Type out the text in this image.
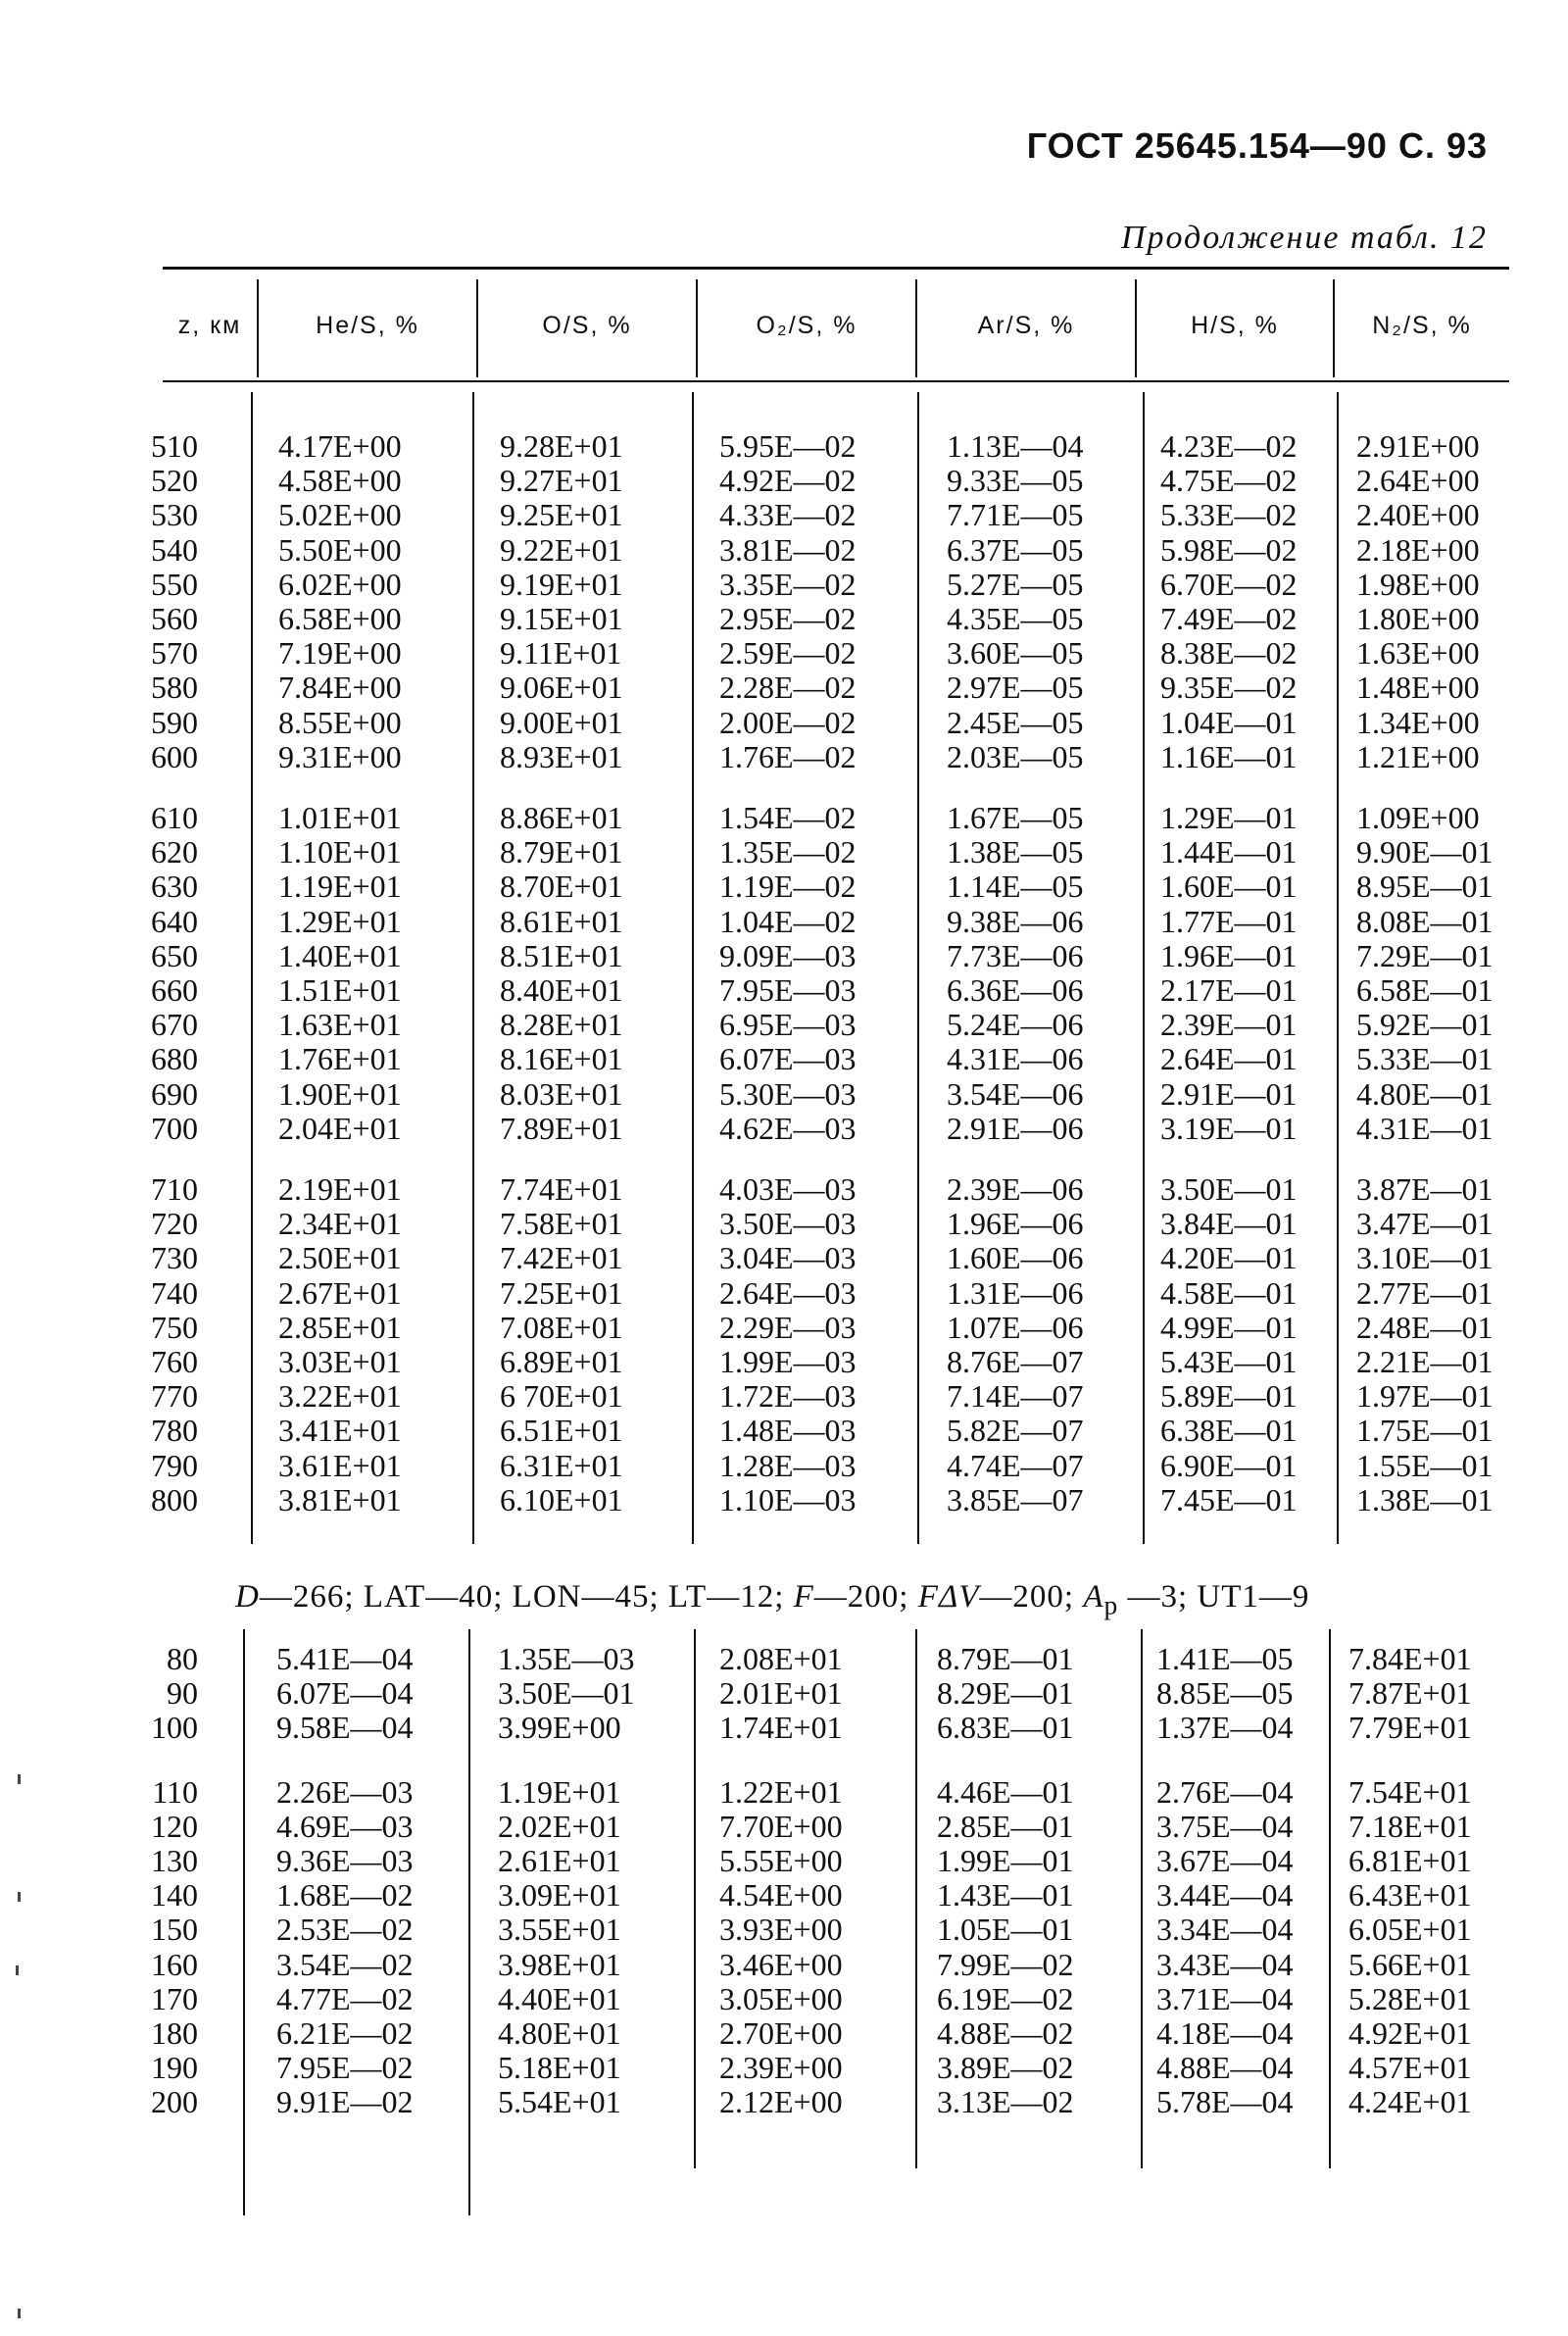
ГОСТ 25645.154—90 С. 93
Продолжение табл. 12
z, км	He/S, %	O/S, %	O₂/S, %	Ar/S, %	H/S, %	N₂/S, %
510	4.17E+00	9.28E+01	5.95E—02	1.13E—04 4.23E—02 2.91E+00
520	4.58E+00	9.27E+01	4.92E—02	9.33E—05 4.75E—02 2.64E+00
530	5.02E+00	9.25E+01	4.33E—02	7.71E—05 5.33E—02 2.40E+00
540	5.50E+00	9.22E+01	3.81E—02	6.37E—05 5.98E—02 2.18E+00
550	6.02E+00	9.19E+01	3.35E—02	5.27E—05 6.70E—02 1.98E+00
560	6.58E+00	9.15E+01	2.95E—02	4.35E—05 7.49E—02 1.80E+00
570	7.19E+00	9.11E+01	2.59E—02	3.60E—05 8.38E—02 1.63E+00
580	7.84E+00	9.06E+01	2.28E—02	2.97E—05 9.35E—02 1.48E+00
590	8.55E+00	9.00E+01	2.00E—02	2.45E—05 1.04E—01 1.34E+00
600	9.31E+00	8.93E+01	1.76E—02	2.03E—05 1.16E—01 1.21E+00
610	1.01E+01	8.86E+01	1.54E—02	1.67E—05 1.29E—01 1.09E+00
620	1.10E+01	8.79E+01	1.35E—02	1.38E—05 1.44E—01 9.90E—01
630	1.19E+01	8.70E+01	1.19E—02	1.14E—05 1.60E—01 8.95E—01
640	1.29E+01	8.61E+01	1.04E—02	9.38E—06 1.77E—01 8.08E—01
650	1.40E+01	8.51E+01	9.09E—03	7.73E—06 1.96E—01 7.29E—01
660	1.51E+01	8.40E+01	7.95E—03	6.36E—06 2.17E—01 6.58E—01
670	1.63E+01	8.28E+01	6.95E—03	5.24E—06 2.39E—01 5.92E—01
680	1.76E+01	8.16E+01	6.07E—03	4.31E—06 2.64E—01 5.33E—01
690	1.90E+01	8.03E+01	5.30E—03	3.54E—06 2.91E—01 4.80E—01
700	2.04E+01	7.89E+01	4.62E—03	2.91E—06 3.19E—01 4.31E—01
710	2.19E+01	7.74E+01	4.03E—03	2.39E—06 3.50E—01 3.87E—01
720	2.34E+01	7.58E+01	3.50E—03	1.96E—06 3.84E—01 3.47E—01
730	2.50E+01	7.42E+01	3.04E—03	1.60E—06 4.20E—01 3.10E—01
740	2.67E+01	7.25E+01	2.64E—03	1.31E—06 4.58E—01 2.77E—01
750	2.85E+01	7.08E+01	2.29E—03	1.07E—06 4.99E—01 2.48E—01
760	3.03E+01	6.89E+01	1.99E—03	8.76E—07 5.43E—01 2.21E—01
770	3.22E+01	6 70E+01	1.72E—03	7.14E—07 5.89E—01 1.97E—01
780	3.41E+01	6.51E+01	1.48E—03	5.82E—07 6.38E—01 1.75E—01
790	3.61E+01	6.31E+01	1.28E—03	4.74E—07 6.90E—01 1.55E—01
800	3.81E+01	6.10E+01	1.10E—03	3.85E—07 7.45E—01 1.38E—01
D—266; LAT—40; LON—45; LT—12; F—200; FΔV—200; $A_p$ —3; UT1—9
80	5.41E—04	1.35E—03	2.08E+01	8.79E—01	1.41E—05 7.84E+01
90	6.07E—04	3.50E—01	2.01E+01	8.29E—01	8.85E—05 7.87E+01
100	9.58E—04	3.99E+00	1.74E+01	6.83E—01	1.37E—04 7.79E+01
110	2.26E—03	1.19E+01	1.22E+01	4.46E—01	2.76E—04 7.54E+01
120	4.69E—03	2.02E+01	7.70E+00	2.85E—01	3.75E—04 7.18E+01
130	9.36E—03	2.61E+01	5.55E+00	1.99E—01	3.67E—04 6.81E+01
140	1.68E—02	3.09E+01	4.54E+00	1.43E—01	3.44E—04 6.43E+01
150	2.53E—02	3.55E+01	3.93E+00	1.05E—01	3.34E—04 6.05E+01
160	3.54E—02	3.98E+01	3.46E+00	7.99E—02	3.43E—04 5.66E+01
170	4.77E—02	4.40E+01	3.05E+00	6.19E—02	3.71E—04 5.28E+01
180	6.21E—02	4.80E+01	2.70E+00	4.88E—02	4.18E—04 4.92E+01
190	7.95E—02	5.18E+01	2.39E+00	3.89E—02	4.88E—04 4.57E+01
200	9.91E—02	5.54E+01	2.12E+00	3.13E—02	5.78E—04 4.24E+01
